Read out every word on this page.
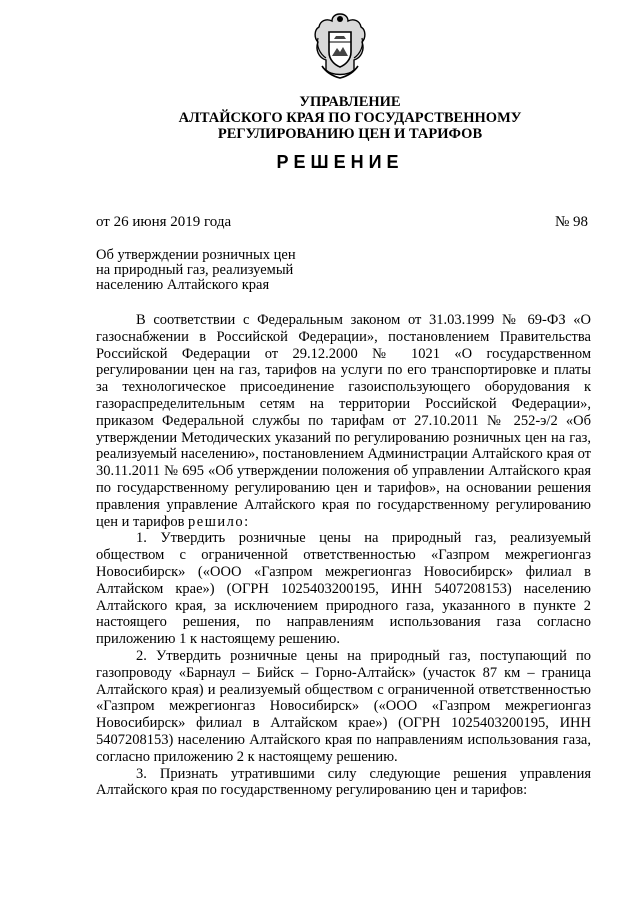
УПРАВЛЕНИЕ
АЛТАЙСКОГО КРАЯ ПО ГОСУДАРСТВЕННОМУ
РЕГУЛИРОВАНИЮ ЦЕН И ТАРИФОВ
РЕШЕНИЕ
от 26 июня 2019 года	№ 98
Об утверждении розничных цен
на природный газ, реализуемый
населению Алтайского края

В соответствии с Федеральным законом от 31.03.1999 № 69-ФЗ «О газоснабжении в Российской Федерации», постановлением Правительства Российской Федерации от 29.12.2000 № 1021 «О государственном регулировании цен на газ, тарифов на услуги по его транспортировке и платы за технологическое присоединение газоиспользующего оборудования к газораспределительным сетям на территории Российской Федерации», приказом Федеральной службы по тарифам от 27.10.2011 № 252-э/2 «Об утверждении Методических указаний по регулированию розничных цен на газ, реализуемый населению», постановлением Администрации Алтайского края от 30.11.2011 № 695 «Об утверждении положения об управлении Алтайского края по государственному регулированию цен и тарифов», на основании решения правления управление Алтайского края по государственному регулированию цен и тарифов решило:

1. Утвердить розничные цены на природный газ, реализуемый обществом с ограниченной ответственностью «Газпром межрегионгаз Новосибирск» («ООО «Газпром межрегионгаз Новосибирск» филиал в Алтайском крае») (ОГРН 1025403200195, ИНН 5407208153) населению Алтайского края, за исключением природного газа, указанного в пункте 2 настоящего решения, по направлениям использования газа согласно приложению 1 к настоящему решению.

2. Утвердить розничные цены на природный газ, поступающий по газопроводу «Барнаул – Бийск – Горно-Алтайск» (участок 87 км – граница Алтайского края) и реализуемый обществом с ограниченной ответственностью «Газпром межрегионгаз Новосибирск» («ООО «Газпром межрегионгаз Новосибирск» филиал в Алтайском крае») (ОГРН 1025403200195, ИНН 5407208153) населению Алтайского края по направлениям использования газа, согласно приложению 2 к настоящему решению.

3. Признать утратившими силу следующие решения управления Алтайского края по государственному регулированию цен и тарифов:
